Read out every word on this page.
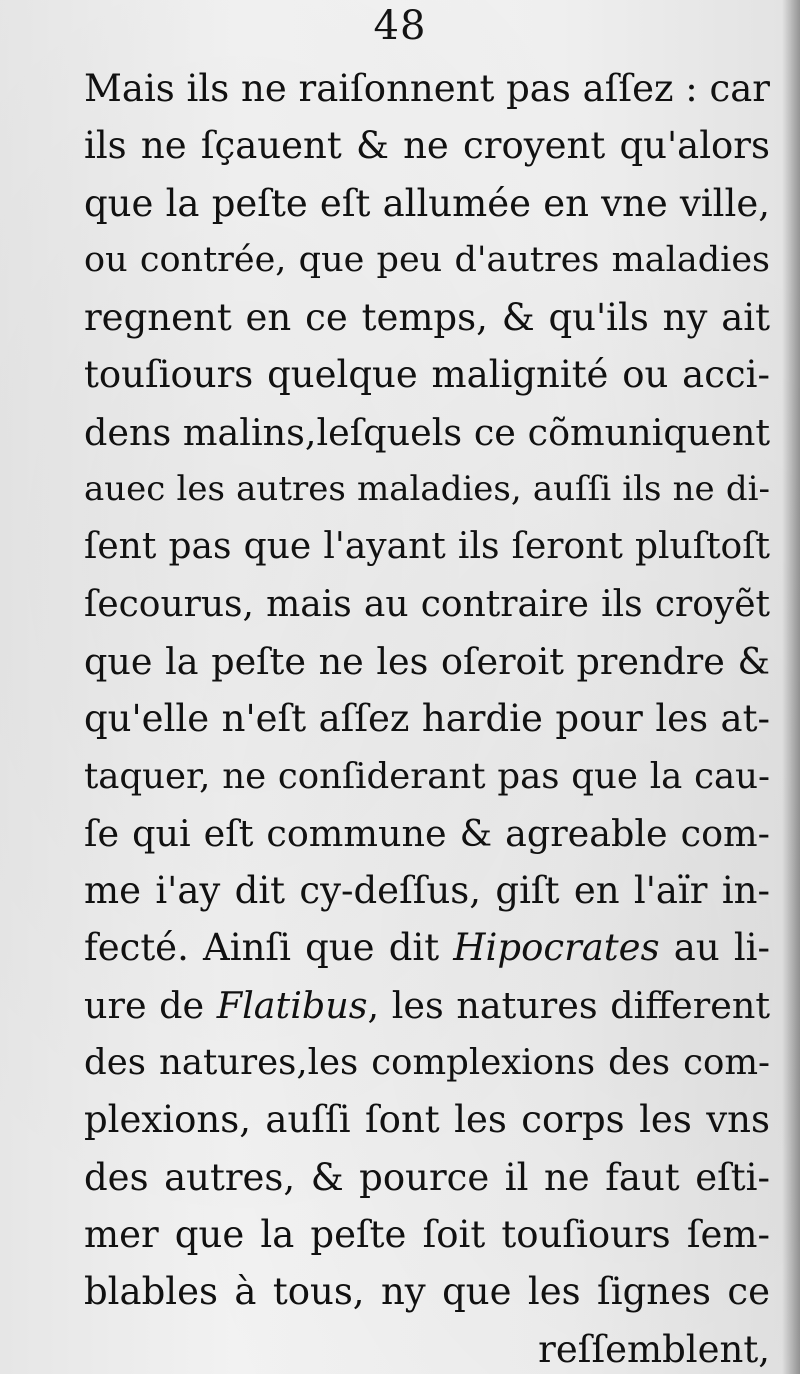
48
Mais ils ne raiſonnent pas aſſez : car
ils ne ſçauent & ne croyent qu'alors
que la peſte eſt allumée en vne ville,
ou contrée, que peu d'autres maladies
regnent en ce temps, & qu'ils ny ait
touſiours quelque malignité ou acci-
dens malins,leſquels ce cõmuniquent
auec les autres maladies, auſſi ils ne di-
ſent pas que l'ayant ils ſeront pluſtoſt
ſecourus, mais au contraire ils croyẽt
que la peſte ne les oſeroit prendre &
qu'elle n'eſt aſſez hardie pour les at-
taquer, ne conſiderant pas que la cau-
ſe qui eſt commune & agreable com-
me i'ay dit cy-deſſus, giſt en l'aïr in-
fecté. Ainſi que dit Hipocrates au li-
ure de Flatibus, les natures different
des natures,les complexions des com-
plexions, auſſi ſont les corps les vns
des autres, & pource il ne faut eſti-
mer que la peſte ſoit touſiours ſem-
blables à tous, ny que les ſignes ce
reſſemblent,
